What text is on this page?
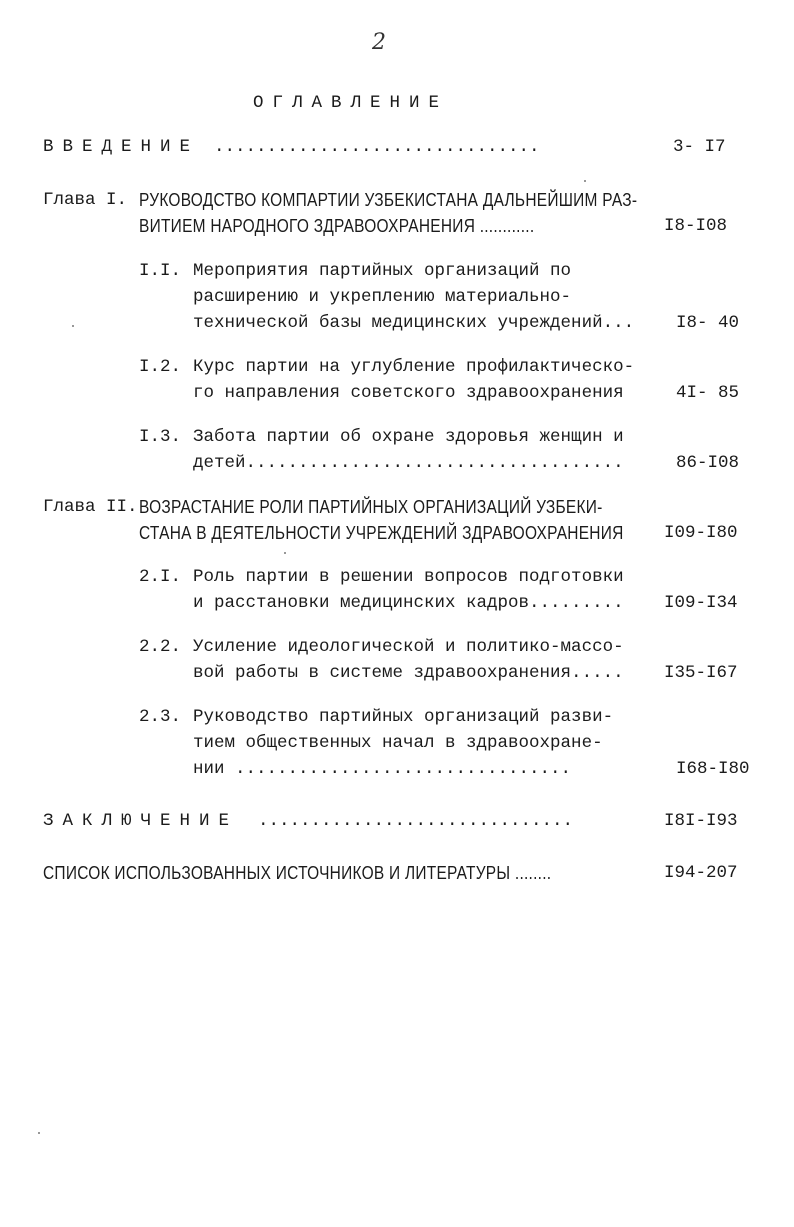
2
ОГЛАВЛЕНИЕ
ВВЕДЕНИЕ ...............................	3- I7
Глава I. РУКОВОДСТВО КОМПАРТИИ УЗБЕКИСТАНА ДАЛЬНЕЙШИМ РАЗ-
ВИТИЕМ НАРОДНОГО ЗДРАВООХРАНЕНИЯ ............	I8-I08
I.I. Мероприятия партийных организаций по
расширению и укреплению материально-
технической базы медицинских учреждений... I8- 40
I.2. Курс партии на углубление профилактическо-
го направления советского здравоохранения	4I- 85
I.3. Забота партии об охране здоровья женщин и
детей....................................	86-I08
Глава II. ВОЗРАСТАНИЕ РОЛИ ПАРТИЙНЫХ ОРГАНИЗАЦИЙ УЗБЕКИ-
СТАНА В ДЕЯТЕЛЬНОСТИ УЧРЕЖДЕНИЙ ЗДРАВООХРАНЕНИЯ I09-I80
2.I. Роль партии в решении вопросов подготовки
и расстановки медицинских кадров......... I09-I34
2.2. Усиление идеологической и политико-массо-
вой работы в системе здравоохранения..... I35-I67
2.3. Руководство партийных организаций разви-
тием общественных начал в здравоохране-
нии ................................	I68-I80
ЗАКЛЮЧЕНИЕ ..............................	I8I-I93
СПИСОК ИСПОЛЬЗОВАННЫХ ИСТОЧНИКОВ И ЛИТЕРАТУРЫ ........	I94-207
